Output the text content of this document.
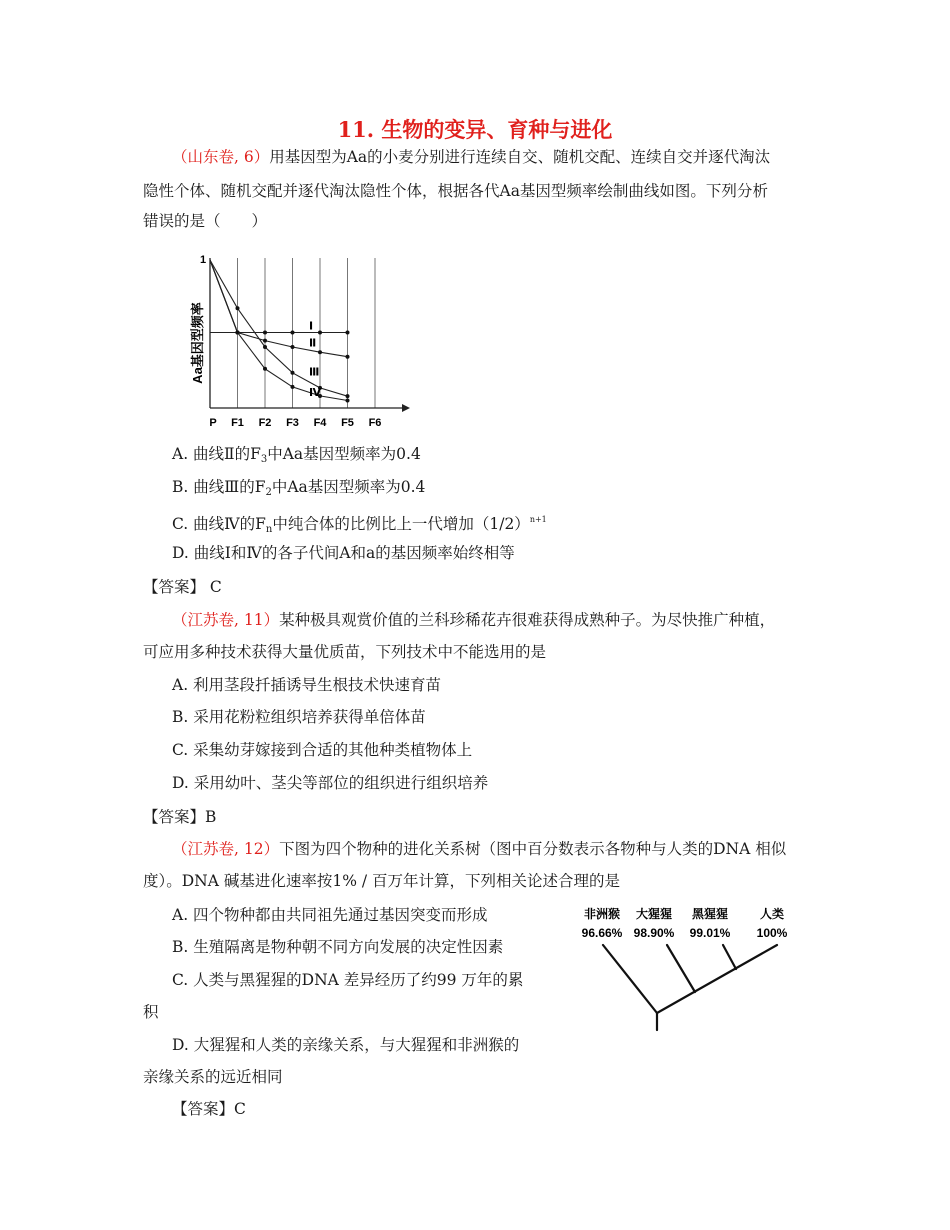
11. 生物的变异、育种与进化
（山东卷, 6）用基因型为Aa的小麦分别进行连续自交、随机交配、连续自交并逐代淘汰
隐性个体、随机交配并逐代淘汰隐性个体，根据各代Aa基因型频率绘制曲线如图。下列分析
错误的是（　　）
P F1 F2 F3 F4 F5 F6
Ⅰ
Ⅱ
Ⅲ
Ⅳ
1
Aa基因型频率
A. 曲线Ⅱ的$F_3$中Aa基因型频率为0.4
B. 曲线Ⅲ的$F_2$中Aa基因型频率为0.4
C. 曲线Ⅳ的$F_n$中纯合体的比例比上一代增加$(1/2)^{n+1}$
D. 曲线Ⅰ和Ⅳ的各子代间A和a的基因频率始终相等
【答案】 C
（江苏卷, 11）某种极具观赏价值的兰科珍稀花卉很难获得成熟种子。为尽快推广种植，
可应用多种技术获得大量优质苗，下列技术中不能选用的是
A. 利用茎段扦插诱导生根技术快速育苗
B. 采用花粉粒组织培养获得单倍体苗
C. 采集幼芽嫁接到合适的其他种类植物体上
D. 采用幼叶、茎尖等部位的组织进行组织培养
【答案】B
（江苏卷, 12）下图为四个物种的进化关系树（图中百分数表示各物种与人类的DNA 相似
度）。DNA 碱基进化速率按1% / 百万年计算，下列相关论述合理的是
A. 四个物种都由共同祖先通过基因突变而形成
B. 生殖隔离是物种朝不同方向发展的决定性因素
C. 人类与黑猩猩的DNA 差异经历了约99 万年的累
积
D. 大猩猩和人类的亲缘关系，与大猩猩和非洲猴的
亲缘关系的远近相同
【答案】C
非洲猴
96.66%
大猩猩
98.90%
黑猩猩
99.01%
人类
100%
